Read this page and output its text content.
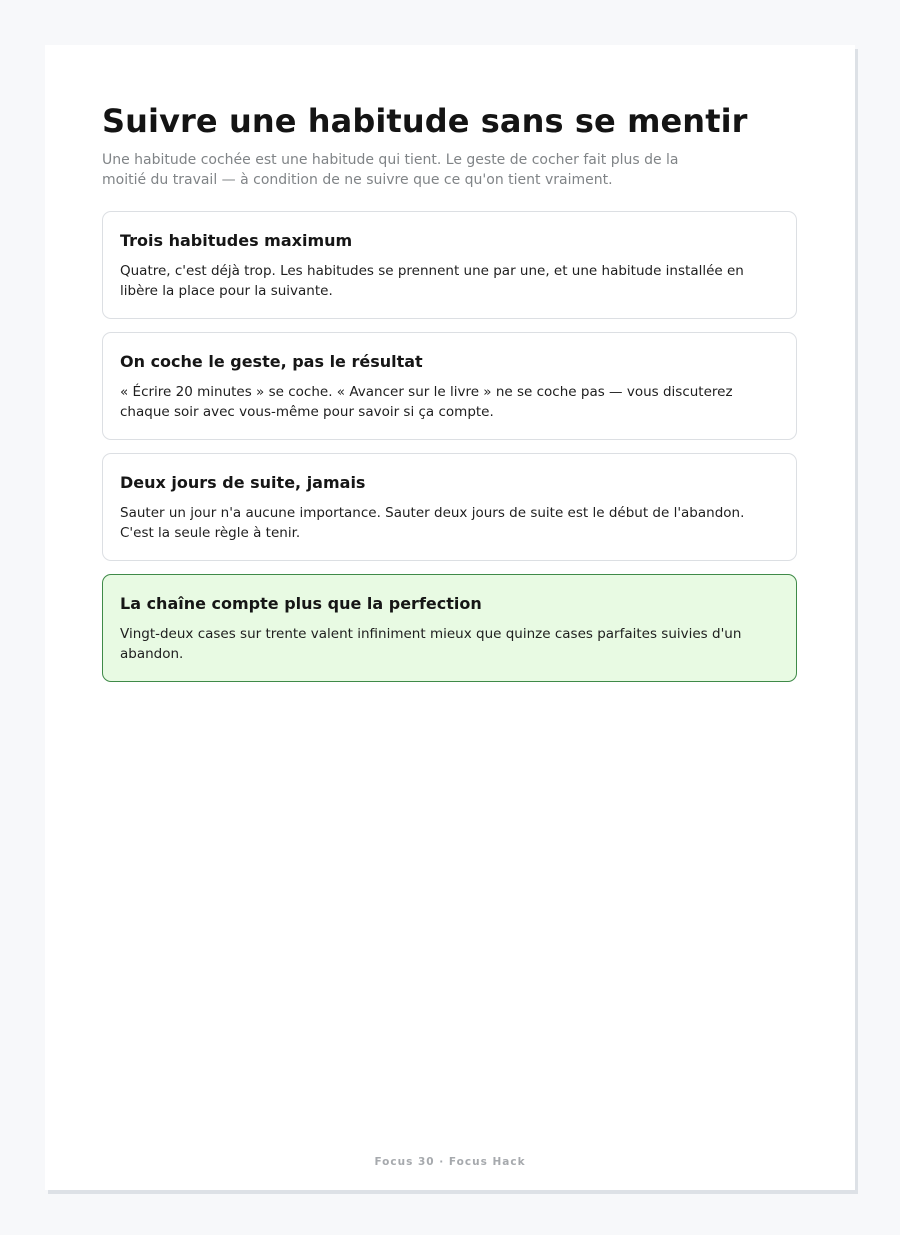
Suivre une habitude sans se mentir

Une habitude cochée est une habitude qui tient. Le geste de cocher fait plus de la moitié du travail — à condition de ne suivre que ce qu'on tient vraiment.

Trois habitudes maximum

Quatre, c'est déjà trop. Les habitudes se prennent une par une, et une habitude installée en libère la place pour la suivante.

On coche le geste, pas le résultat

« Écrire 20 minutes » se coche. « Avancer sur le livre » ne se coche pas — vous discuterez chaque soir avec vous-même pour savoir si ça compte.

Deux jours de suite, jamais

Sauter un jour n'a aucune importance. Sauter deux jours de suite est le début de l'abandon. C'est la seule règle à tenir.

La chaîne compte plus que la perfection

Vingt-deux cases sur trente valent infiniment mieux que quinze cases parfaites suivies d'un abandon.

Focus 30 · Focus Hack
